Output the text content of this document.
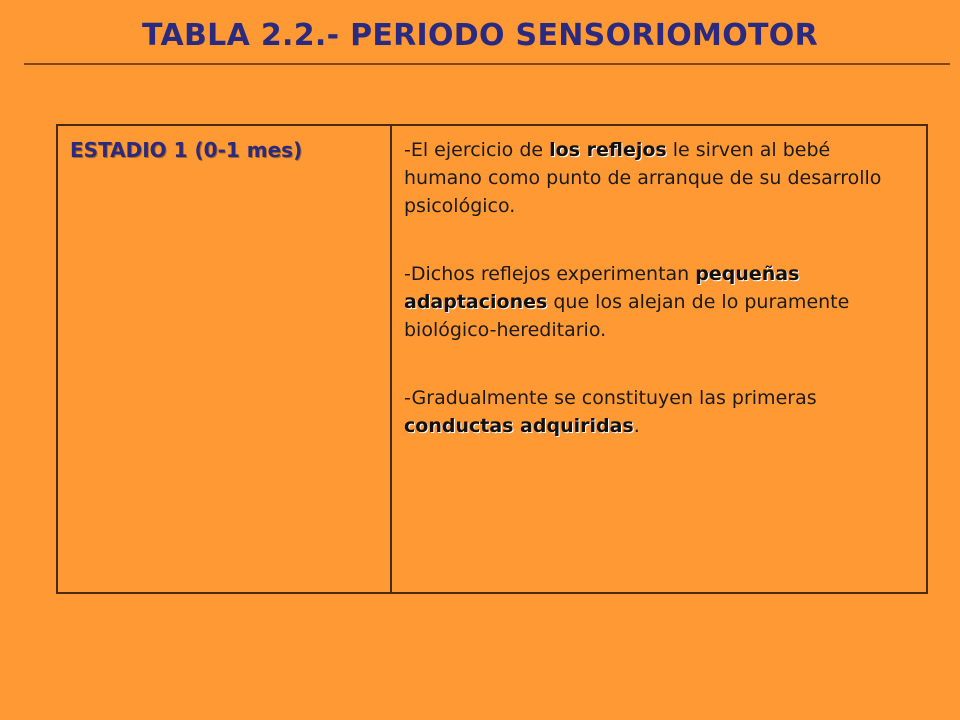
TABLA 2.2.- PERIODO SENSORIOMOTOR
ESTADIO 1 (0-1 mes)	-El ejercicio de los reflejos le sirven al bebé humano como punto de arranque de su desarrollo psicológico.

-Dichos reflejos experimentan pequeñas adaptaciones que los alejan de lo puramente biológico-hereditario.

-Gradualmente se constituyen las primeras conductas adquiridas.
